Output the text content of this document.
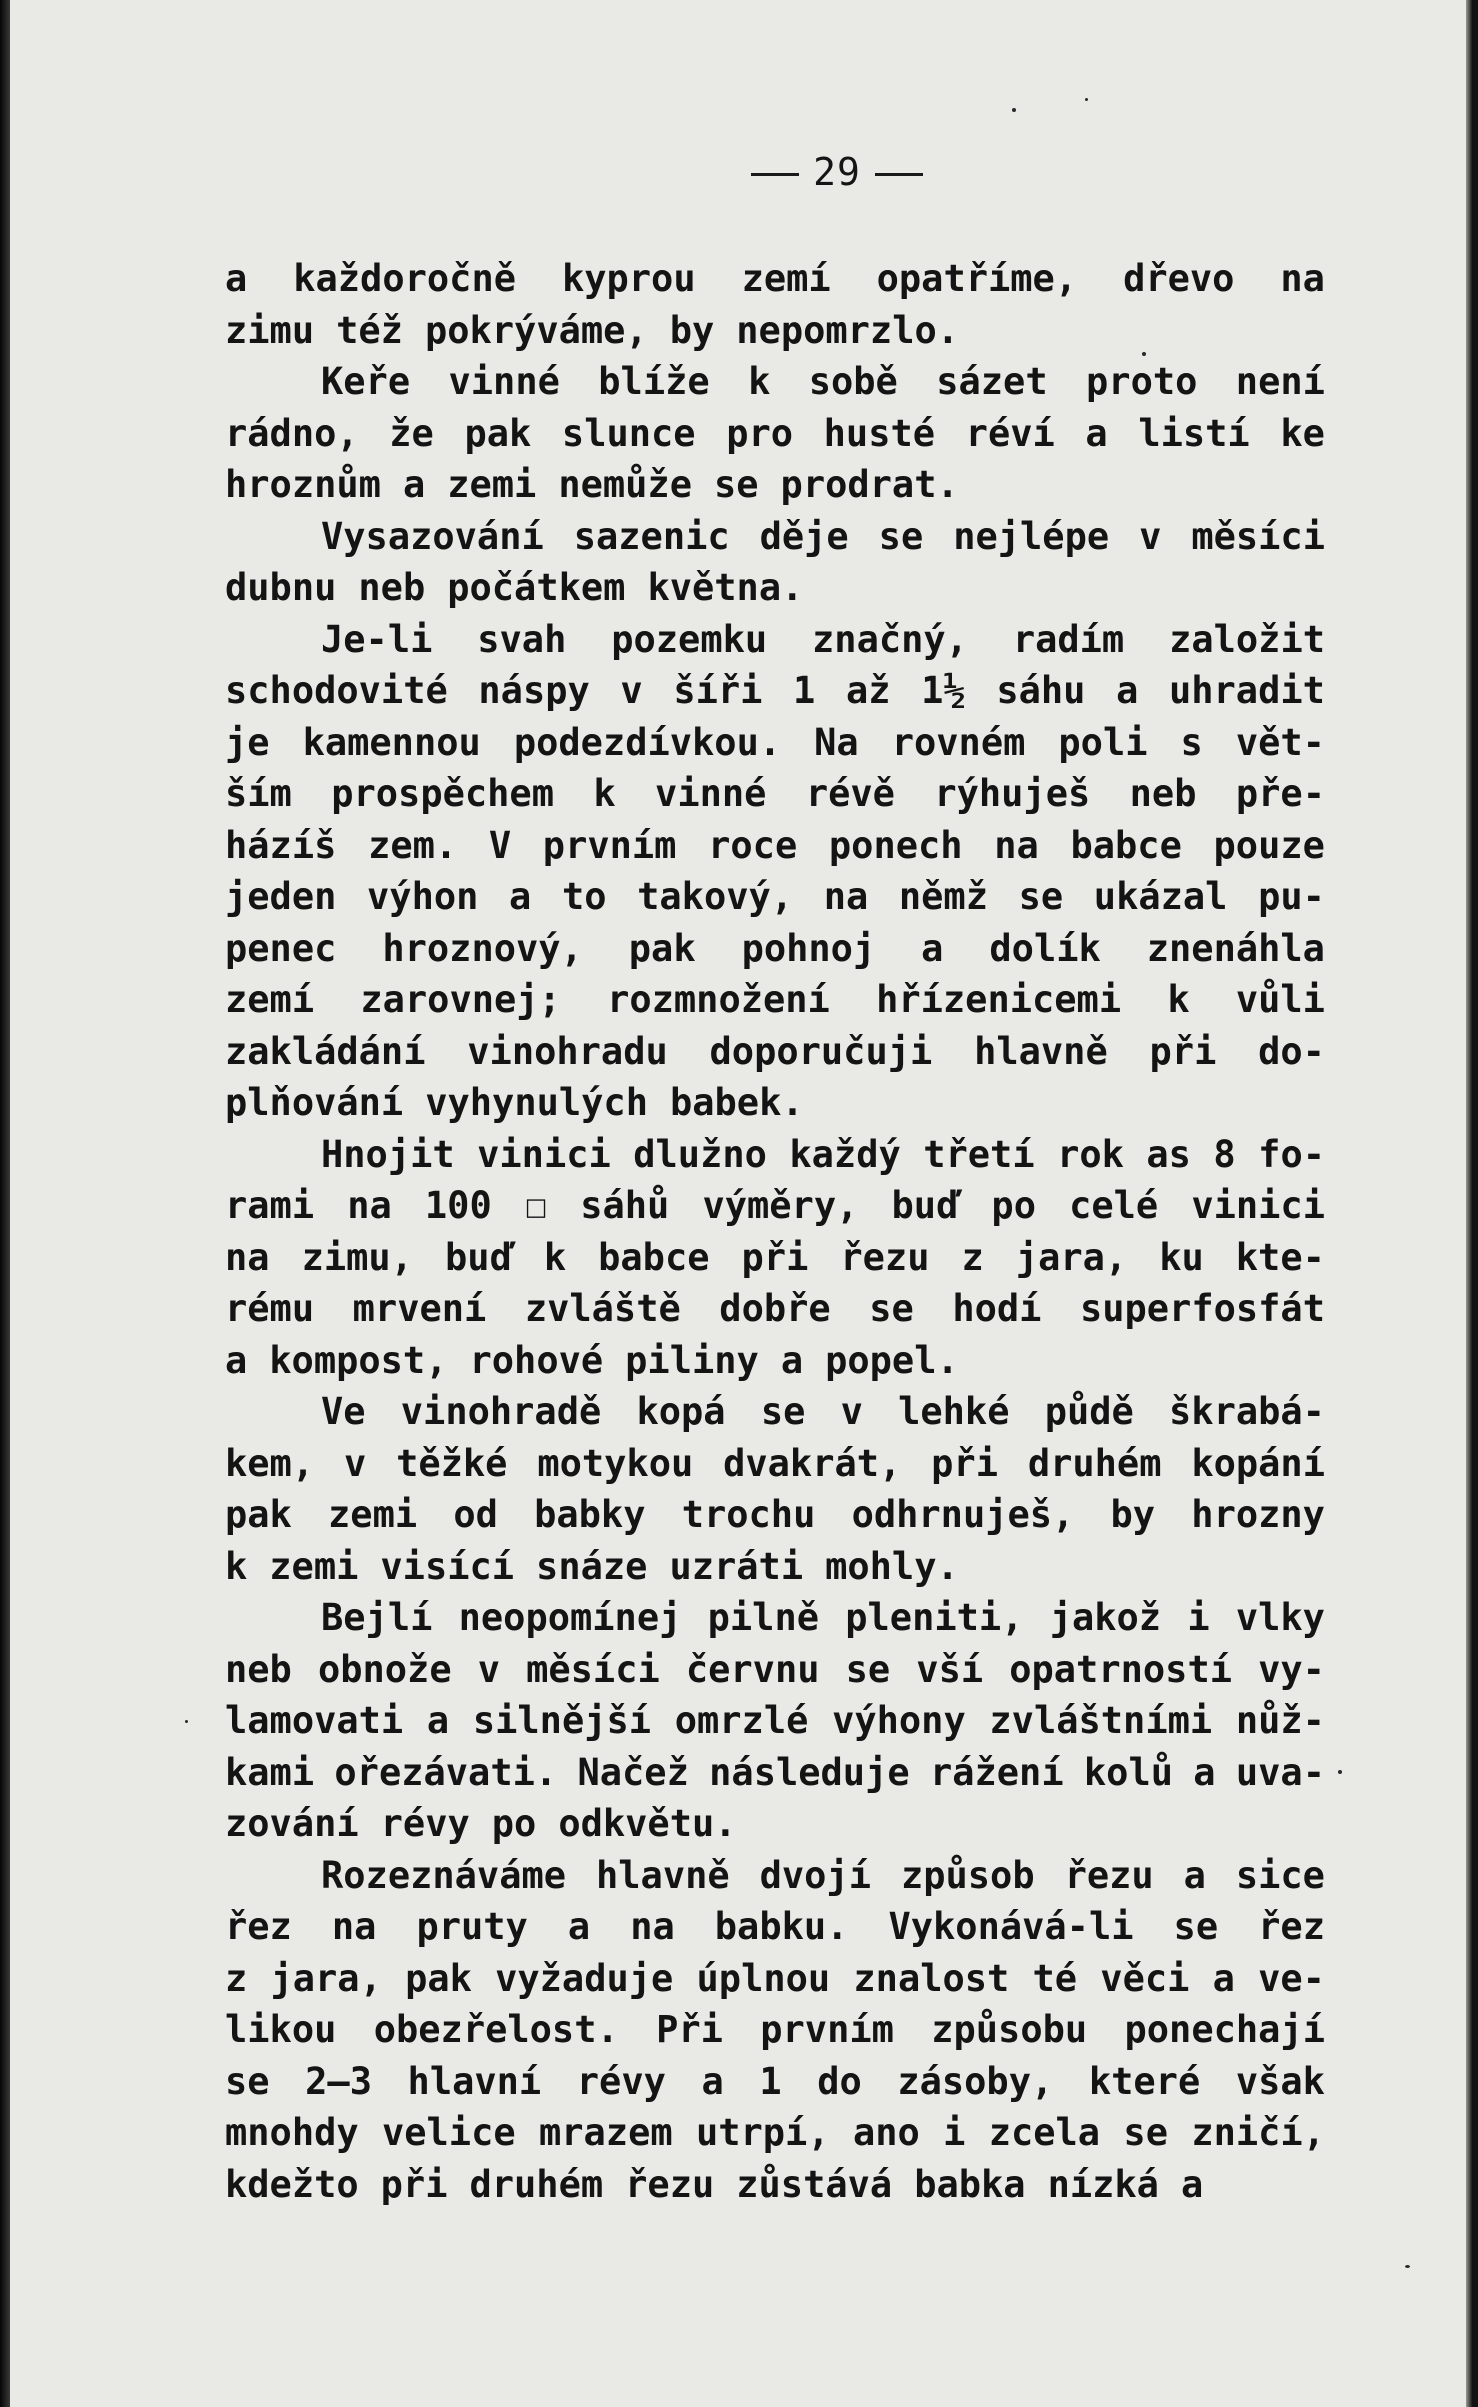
29
a každoročně kyprou zemí opatříme, dřevo na
zimu též pokrýváme, by nepomrzlo.
Keře vinné blíže k sobě sázet proto není
rádno, že pak slunce pro husté réví a listí ke
hroznům a zemi nemůže se prodrat.
Vysazování sazenic děje se nejlépe v měsíci
dubnu neb počátkem května.
Je-li svah pozemku značný, radím založit
schodovité náspy v šíři 1 až 1½ sáhu a uhradit
je kamennou podezdívkou. Na rovném poli s vět-
ším prospěchem k vinné révě rýhuješ neb pře-
házíš zem. V prvním roce ponech na babce pouze
jeden výhon a to takový, na němž se ukázal pu-
penec hroznový, pak pohnoj a dolík znenáhla
zemí zarovnej; rozmnožení hřízenicemi k vůli
zakládání vinohradu doporučuji hlavně při do-
plňování vyhynulých babek.
Hnojit vinici dlužno každý třetí rok as 8 fo-
rami na 100 ☐ sáhů výměry, buď po celé vinici
na zimu, buď k babce při řezu z jara, ku kte-
rému mrvení zvláště dobře se hodí superfosfát
a kompost, rohové piliny a popel.
Ve vinohradě kopá se v lehké půdě škrabá-
kem, v těžké motykou dvakrát, při druhém kopání
pak zemi od babky trochu odhrnuješ, by hrozny
k zemi visící snáze uzráti mohly.
Bejlí neopomínej pilně pleniti, jakož i vlky
neb obnože v měsíci červnu se vší opatrností vy-
lamovati a silnější omrzlé výhony zvláštními nůž-
kami ořezávati. Načež následuje rážení kolů a uva-
zování révy po odkvětu.
Rozeznáváme hlavně dvojí způsob řezu a sice
řez na pruty a na babku. Vykonává-li se řez
z jara, pak vyžaduje úplnou znalost té věci a ve-
likou obezřelost. Při prvním způsobu ponechají
se 2—3 hlavní révy a 1 do zásoby, které však
mnohdy velice mrazem utrpí, ano i zcela se zničí,
kdežto při druhém řezu zůstává babka nízká a
